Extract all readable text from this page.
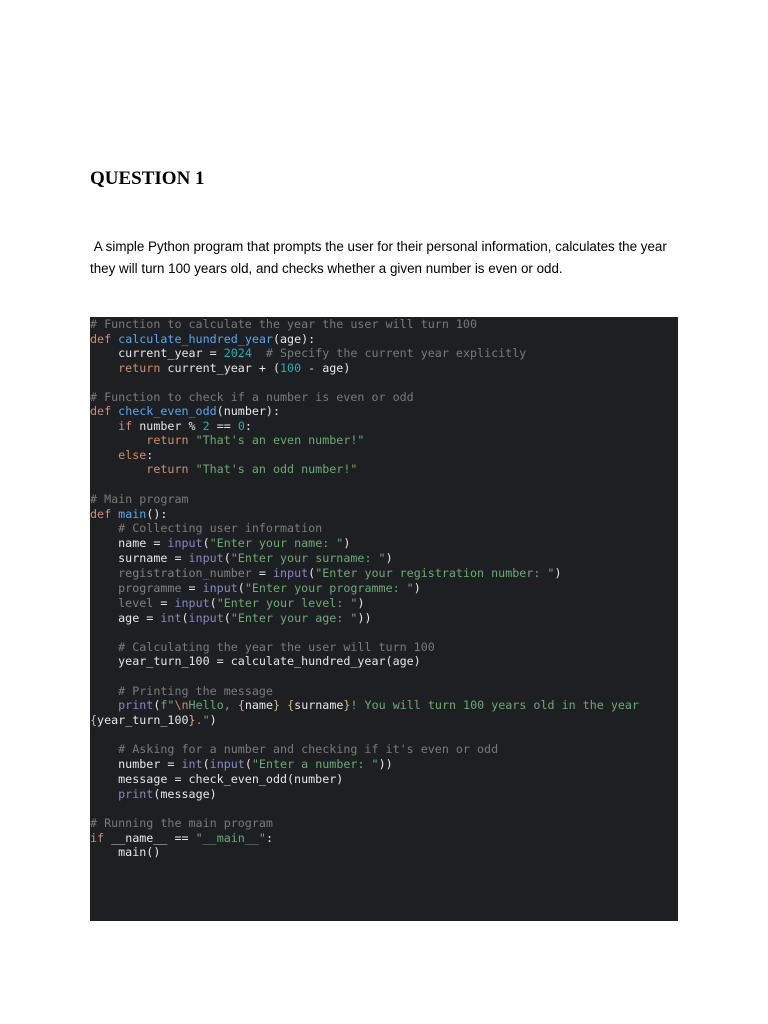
QUESTION 1

A simple Python program that prompts the user for their personal information, calculates the year they will turn 100 years old, and checks whether a given number is even or odd.

# Function to calculate the year the user will turn 100
def calculate_hundred_year(age):
current_year = 2024  # Specify the current year explicitly
return current_year + (100 - age)
# Function to check if a number is even or odd
def check_even_odd(number):
if number % 2 == 0:
return "That's an even number!"
else:
return "That's an odd number!"
# Main program
def main():
# Collecting user information
name = input("Enter your name: ")
surname = input("Enter your surname: ")
registration_number = input("Enter your registration number: ")
programme = input("Enter your programme: ")
level = input("Enter your level: ")
age = int(input("Enter your age: "))
# Calculating the year the user will turn 100
year_turn_100 = calculate_hundred_year(age)
# Printing the message
print(f"\nHello, {name} {surname}! You will turn 100 years old in the year
{year_turn_100}.")
# Asking for a number and checking if it's even or odd
number = int(input("Enter a number: "))
message = check_even_odd(number)
print(message)
# Running the main program
if __name__ == "__main__":
main()
